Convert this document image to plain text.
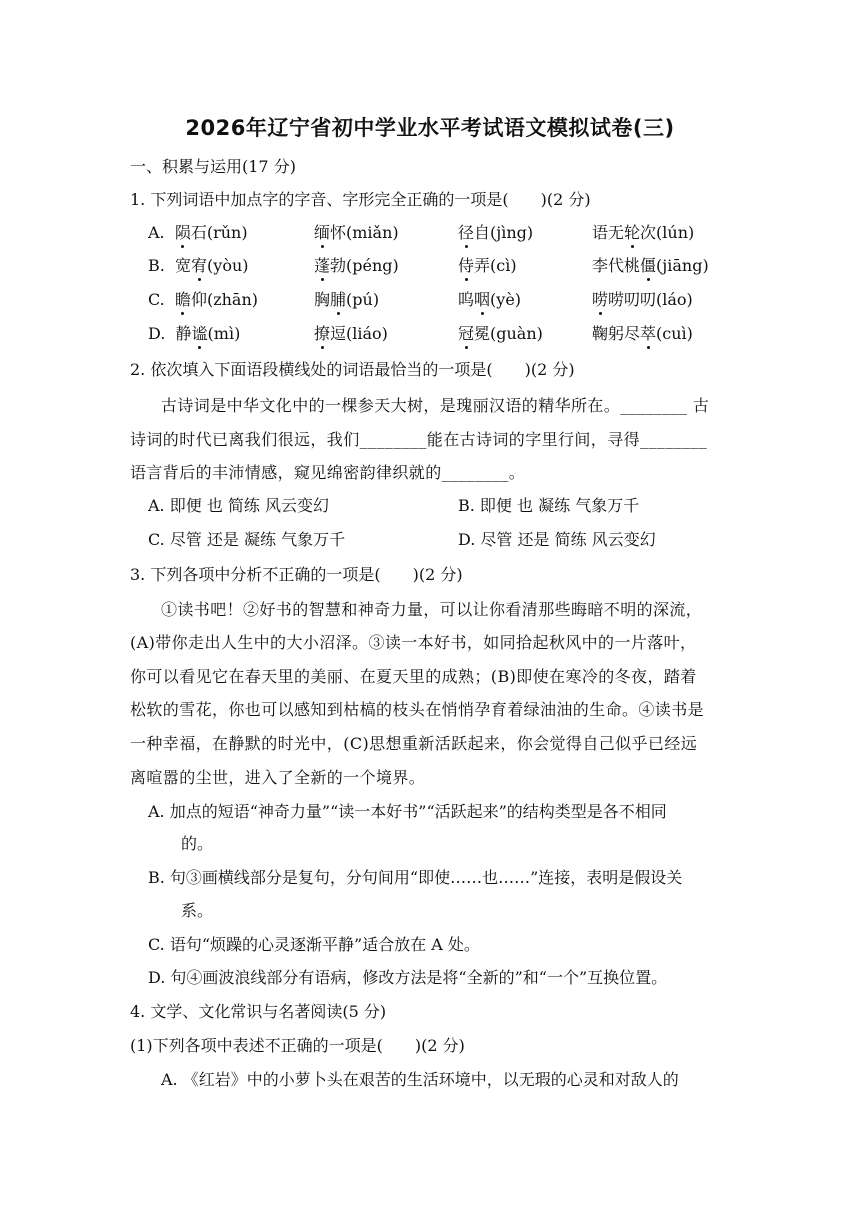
2026年辽宁省初中学业水平考试语文模拟试卷(三)
一、积累与运用(17 分)
1. 下列词语中加点字的字音、字形完全正确的一项是(　　)(2 分)
A.  陨石(rǔn)	缅怀(miǎn)	径自(jìng)	语无轮次(lún)
B.  宽宥(yòu)	蓬勃(péng)	侍弄(cì)	李代桃僵(jiāng)
C.  瞻仰(zhān)	胸脯(pú)	呜咽(yè)	唠唠叨叨(láo)
D.  静谧(mì)	撩逗(liáo)	冠冕(guàn)	鞠躬尽萃(cuì)
2. 依次填入下面语段横线处的词语最恰当的一项是(　　)(2 分)
古诗词是中华文化中的一棵参天大树，是瑰丽汉语的精华所在。________ 古
诗词的时代已离我们很远，我们________能在古诗词的字里行间，寻得________
语言背后的丰沛情感，窥见绵密韵律织就的________。
A. 即便 也 简练 风云变幻	B. 即便 也 凝练 气象万千
C. 尽管 还是 凝练 气象万千	D. 尽管 还是 简练 风云变幻
3. 下列各项中分析不正确的一项是(　　)(2 分)
①读书吧！②好书的智慧和神奇力量，可以让你看清那些晦暗不明的深流，
(A)带你走出人生中的大小沼泽。③读一本好书，如同拾起秋风中的一片落叶，
你可以看见它在春天里的美丽、在夏天里的成熟；(B)即使在寒冷的冬夜，踏着
松软的雪花，你也可以感知到枯槁的枝头在悄悄孕育着绿油油的生命。④读书是
一种幸福，在静默的时光中，(C)思想重新活跃起来，你会觉得自己似乎已经远
离喧嚣的尘世，进入了全新的一个境界。
A. 加点的短语“神奇力量”“读一本好书”“活跃起来”的结构类型是各不相同
的。
B. 句③画横线部分是复句，分句间用“即使……也……”连接，表明是假设关
系。
C. 语句“烦躁的心灵逐渐平静”适合放在 A 处。
D. 句④画波浪线部分有语病，修改方法是将“全新的”和“一个”互换位置。
4. 文学、文化常识与名著阅读(5 分)
(1)下列各项中表述不正确的一项是(　　)(2 分)
A. 《红岩》中的小萝卜头在艰苦的生活环境中，以无瑕的心灵和对敌人的
